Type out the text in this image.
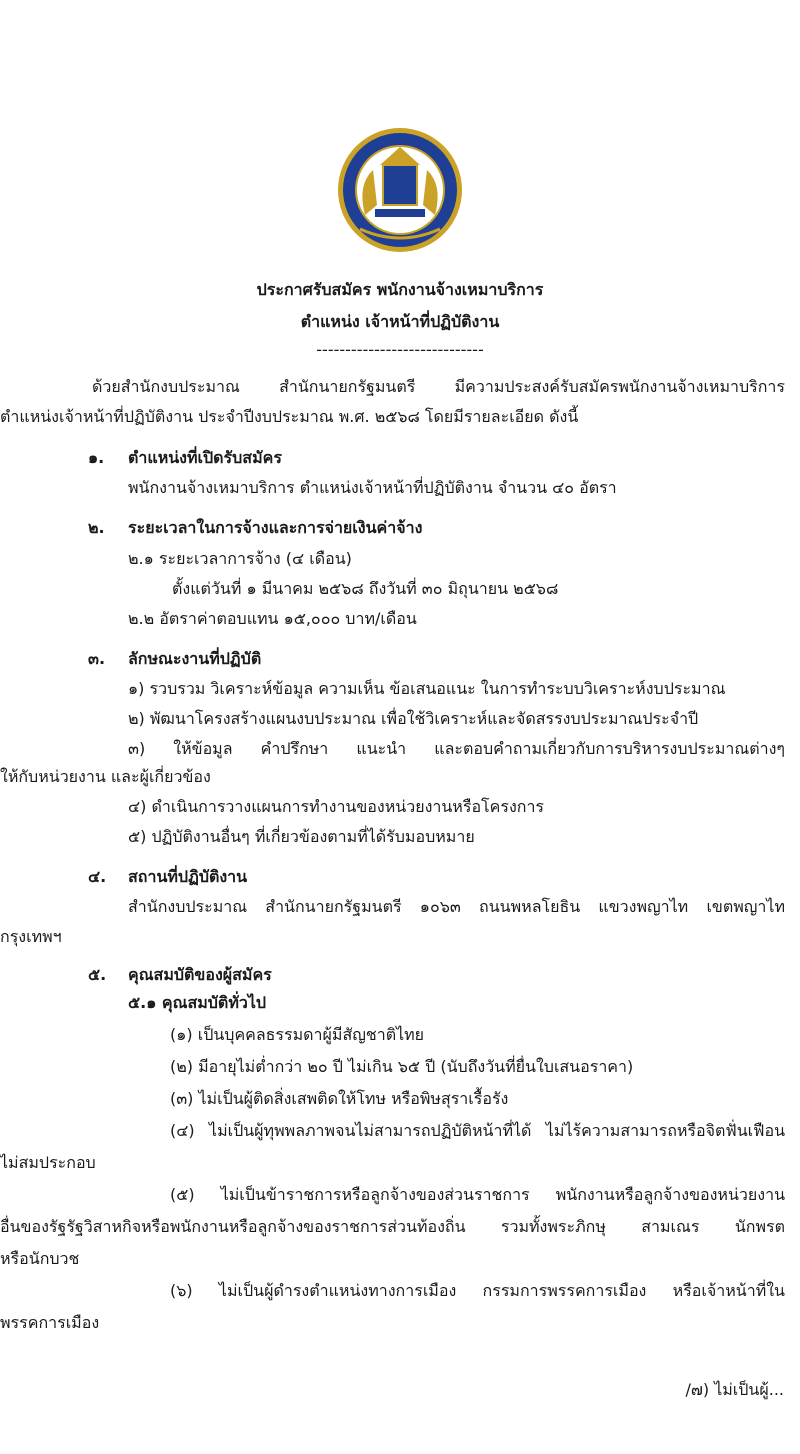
ประกาศรับสมัคร พนักงานจ้างเหมาบริการ
ตำแหน่ง เจ้าหน้าที่ปฏิบัติงาน
-----------------------------
ด้วยสำนักงบประมาณ สำนักนายกรัฐมนตรี มีความประสงค์รับสมัครพนักงานจ้างเหมาบริการ
ตำแหน่งเจ้าหน้าที่ปฏิบัติงาน ประจำปีงบประมาณ พ.ศ. ๒๕๖๘ โดยมีรายละเอียด ดังนี้
๑. ตำแหน่งที่เปิดรับสมัคร
พนักงานจ้างเหมาบริการ ตำแหน่งเจ้าหน้าที่ปฏิบัติงาน จำนวน ๔๐ อัตรา
๒. ระยะเวลาในการจ้างและการจ่ายเงินค่าจ้าง
๒.๑ ระยะเวลาการจ้าง (๔ เดือน)
ตั้งแต่วันที่ ๑ มีนาคม ๒๕๖๘ ถึงวันที่ ๓๐ มิถุนายน ๒๕๖๘
๒.๒ อัตราค่าตอบแทน ๑๕,๐๐๐ บาท/เดือน
๓. ลักษณะงานที่ปฏิบัติ
๑) รวบรวม วิเคราะห์ข้อมูล ความเห็น ข้อเสนอแนะ ในการทำระบบวิเคราะห์งบประมาณ
๒) พัฒนาโครงสร้างแผนงบประมาณ เพื่อใช้วิเคราะห์และจัดสรรงบประมาณประจำปี
๓) ให้ข้อมูล คำปรึกษา แนะนำ และตอบคำถามเกี่ยวกับการบริหารงบประมาณต่างๆ
ให้กับหน่วยงาน และผู้เกี่ยวข้อง
๔) ดำเนินการวางแผนการทำงานของหน่วยงานหรือโครงการ
๕) ปฏิบัติงานอื่นๆ ที่เกี่ยวข้องตามที่ได้รับมอบหมาย
๔. สถานที่ปฏิบัติงาน
สำนักงบประมาณ สำนักนายกรัฐมนตรี ๑๐๖๓ ถนนพหลโยธิน แขวงพญาไท เขตพญาไท
กรุงเทพฯ
๕. คุณสมบัติของผู้สมัคร
๕.๑ คุณสมบัติทั่วไป
(๑) เป็นบุคคลธรรมดาผู้มีสัญชาติไทย
(๒) มีอายุไม่ต่ำกว่า ๒๐ ปี ไม่เกิน ๖๕ ปี (นับถึงวันที่ยื่นใบเสนอราคา)
(๓) ไม่เป็นผู้ติดสิ่งเสพติดให้โทษ หรือพิษสุราเรื้อรัง
(๔) ไม่เป็นผู้ทุพพลภาพจนไม่สามารถปฏิบัติหน้าที่ได้ ไม่ไร้ความสามารถหรือจิตฟั่นเฟือน
ไม่สมประกอบ
(๕) ไม่เป็นข้าราชการหรือลูกจ้างของส่วนราชการ พนักงานหรือลูกจ้างของหน่วยงาน
อื่นของรัฐรัฐวิสาหกิจหรือพนักงานหรือลูกจ้างของราชการส่วนท้องถิ่น รวมทั้งพระภิกษุ สามเณร นักพรต
หรือนักบวช
(๖) ไม่เป็นผู้ดำรงตำแหน่งทางการเมือง กรรมการพรรคการเมือง หรือเจ้าหน้าที่ใน
พรรคการเมือง
/๗) ไม่เป็นผู้...
